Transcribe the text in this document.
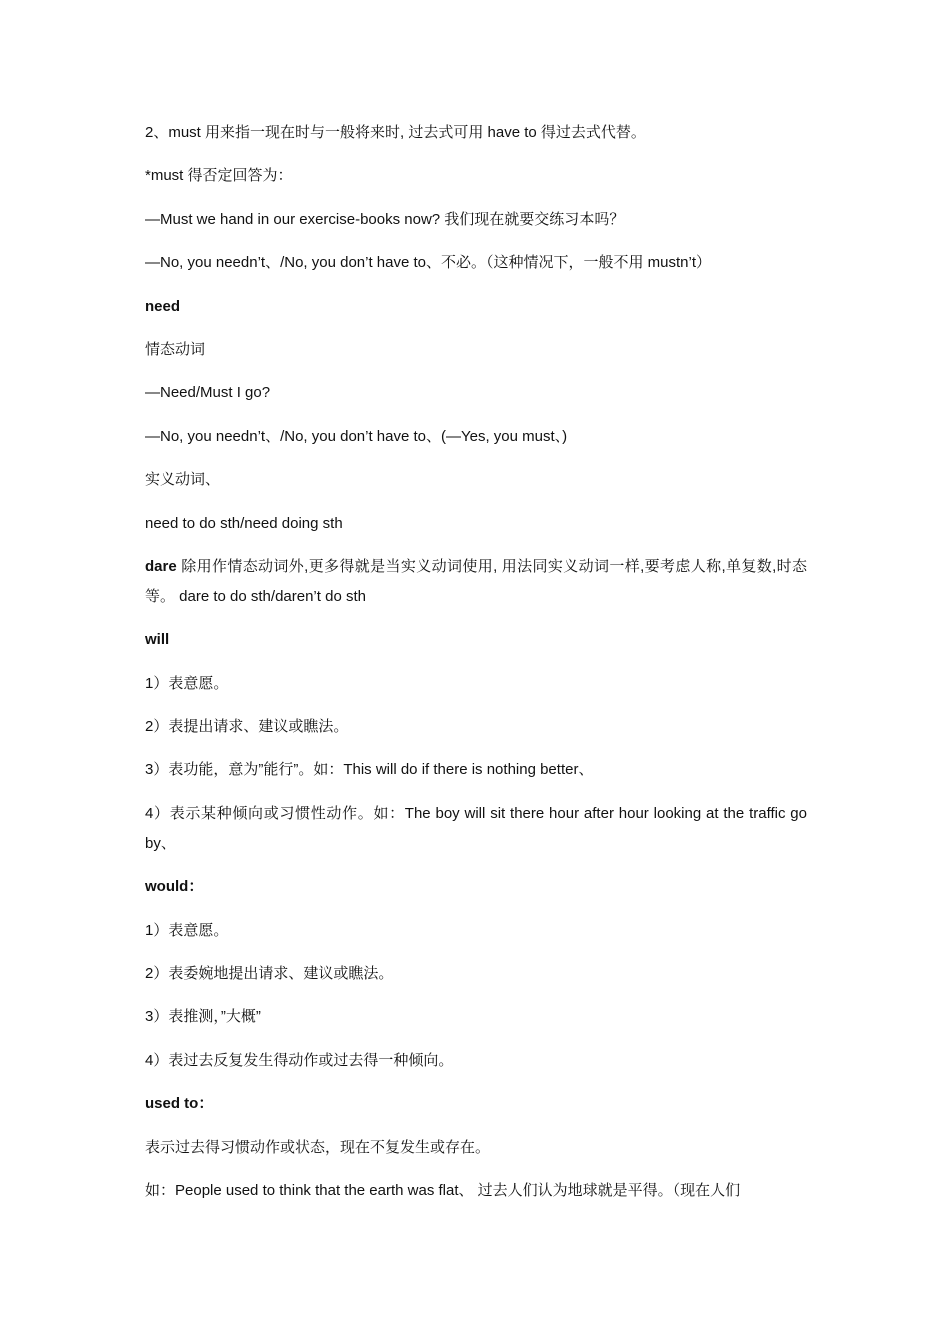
2、must 用来指一现在时与一般将来时, 过去式可用 have to 得过去式代替。

*must 得否定回答为：

—Must we hand in our exercise-books now? 我们现在就要交练习本吗？

—No, you needn’t、/No, you don’t have to、不必。（这种情况下，一般不用 mustn’t）

need

情态动词

—Need/Must I go?

—No, you needn’t、/No, you don’t have to、(—Yes, you must、)

实义动词、

need to do sth/need doing sth

dare 除用作情态动词外,更多得就是当实义动词使用, 用法同实义动词一样,要考虑人称,单复数,时态等。 dare to do sth/daren’t do sth

will

1）表意愿。

2）表提出请求、建议或瞧法。

3）表功能，意为”能行”。如：This will do if there is nothing better、

4）表示某种倾向或习惯性动作。如：The boy will sit there hour after hour looking at the traffic go by、

would：

1）表意愿。

2）表委婉地提出请求、建议或瞧法。

3）表推测，”大概”

4）表过去反复发生得动作或过去得一种倾向。

used to：

表示过去得习惯动作或状态，现在不复发生或存在。

如：People used to think that the earth was flat、 过去人们认为地球就是平得。（现在人们
